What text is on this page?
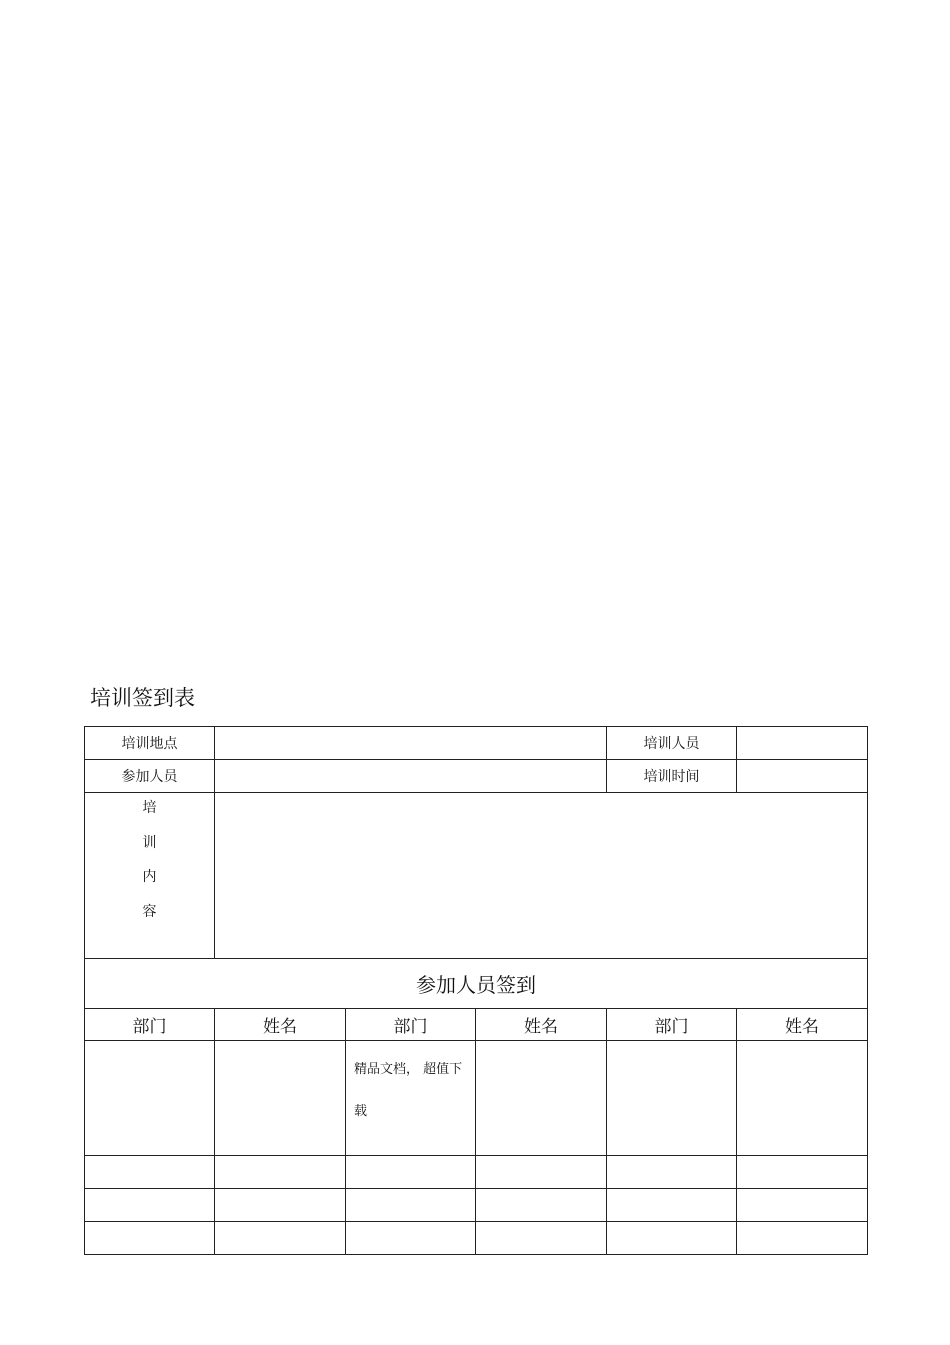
培训签到表
培训地点				培训人员	
参加人员				培训时间	

培
训
内
容					

参加人员签到					
部门	姓名	部门	姓名	部门	姓名

		精品文档， 超值下载			
